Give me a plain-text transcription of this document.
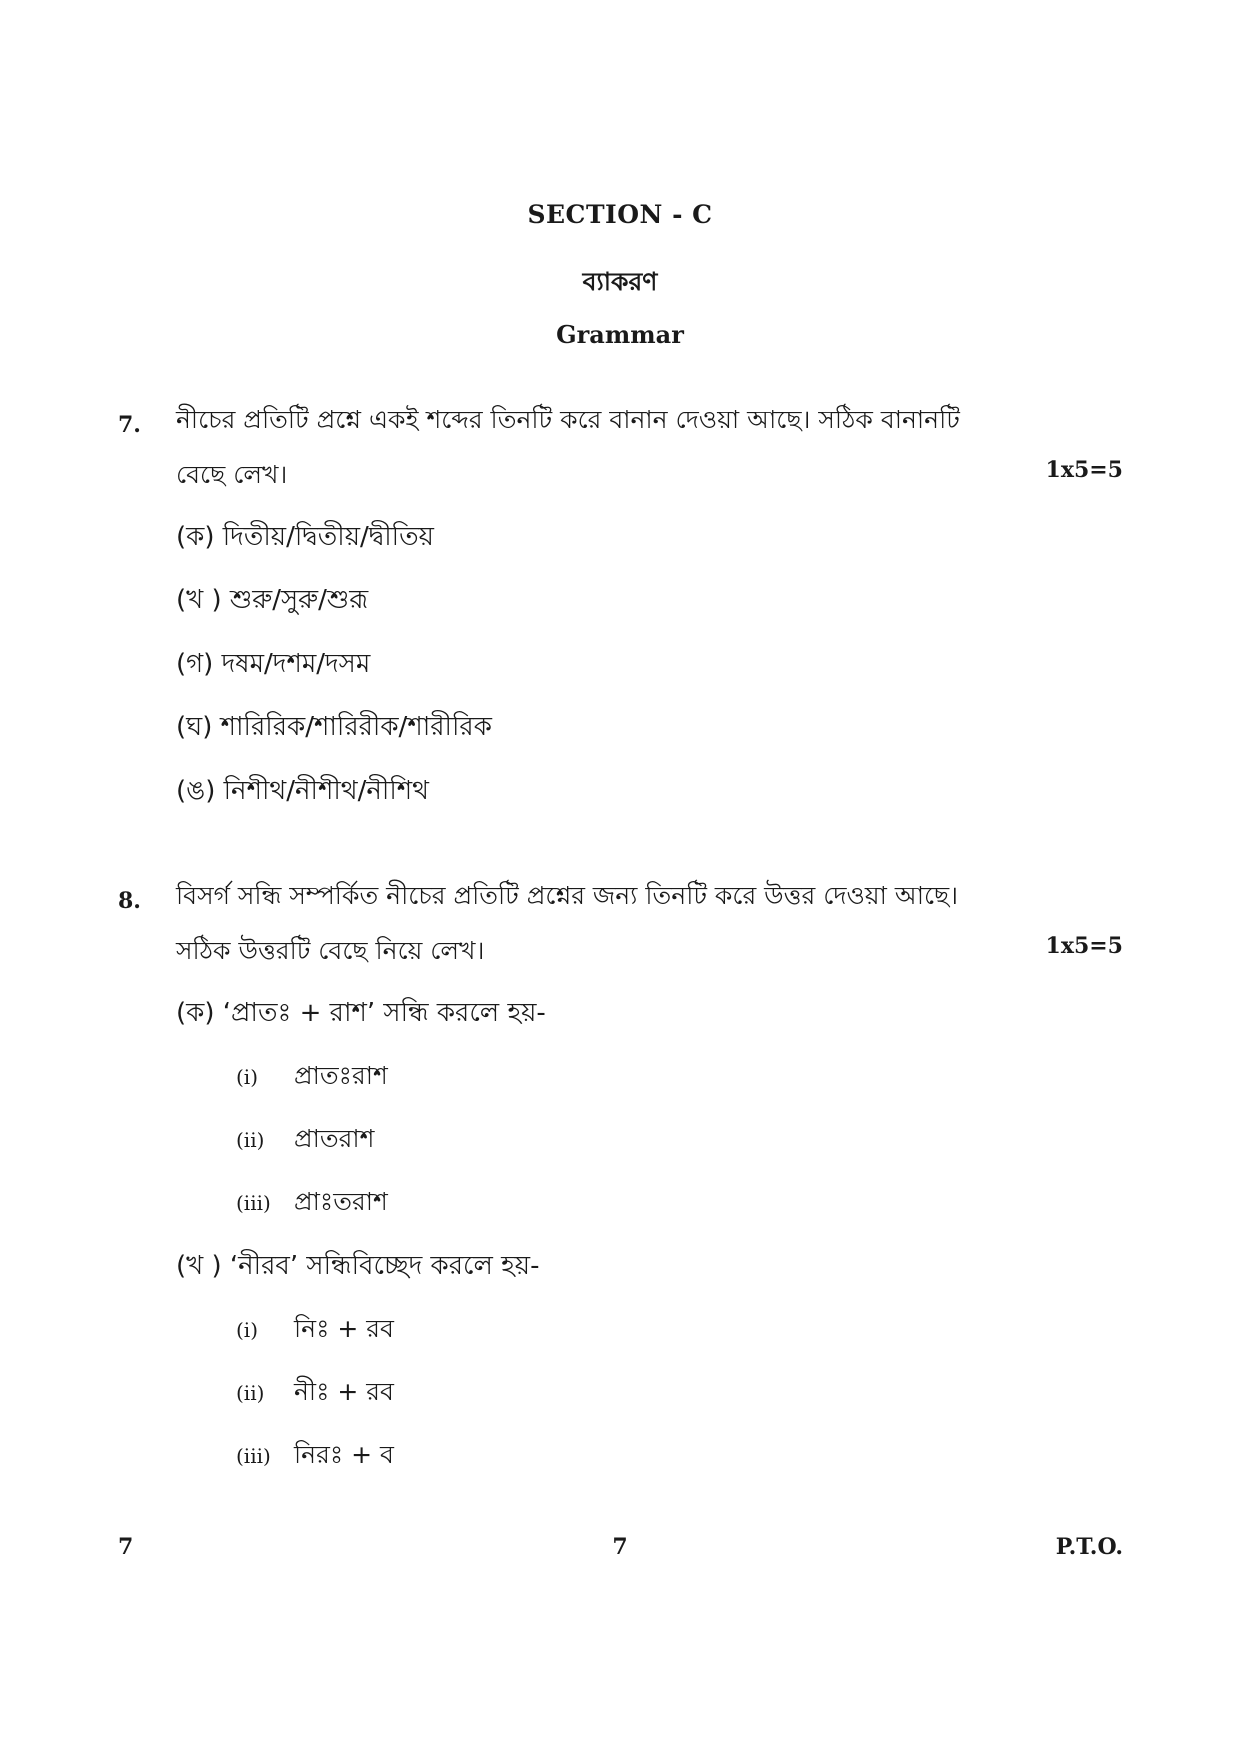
SECTION - C
ব্যাকরণ
Grammar
7. নীচের প্রতিটি প্রশ্নে একই শব্দের তিনটি করে বানান দেওয়া আছে। সঠিক বানানটি
বেছে লেখ।	1x5=5
(ক) দিতীয়/দ্বিতীয়/দ্বীতিয়
(খ ) শুরু/সুরু/শুরূ
(গ) দষম/দশম/দসম
(ঘ) শারিরিক/শারিরীক/শারীরিক
(ঙ) নিশীথ/নীশীথ/নীশিথ
8. বিসর্গ সন্ধি সম্পর্কিত নীচের প্রতিটি প্রশ্নের জন্য তিনটি করে উত্তর দেওয়া আছে।
সঠিক উত্তরটি বেছে নিয়ে লেখ।	1x5=5
(ক) ‘প্রাতঃ + রাশ’ সন্ধি করলে হয়-
(i) প্রাতঃরাশ
(ii) প্রাতরাশ
(iii) প্রাঃতরাশ
(খ ) ‘নীরব’ সন্ধিবিচ্ছেদ করলে হয়-
(i) নিঃ + রব
(ii) নীঃ + রব
(iii) নিরঃ + ব
7	7	P.T.O.
